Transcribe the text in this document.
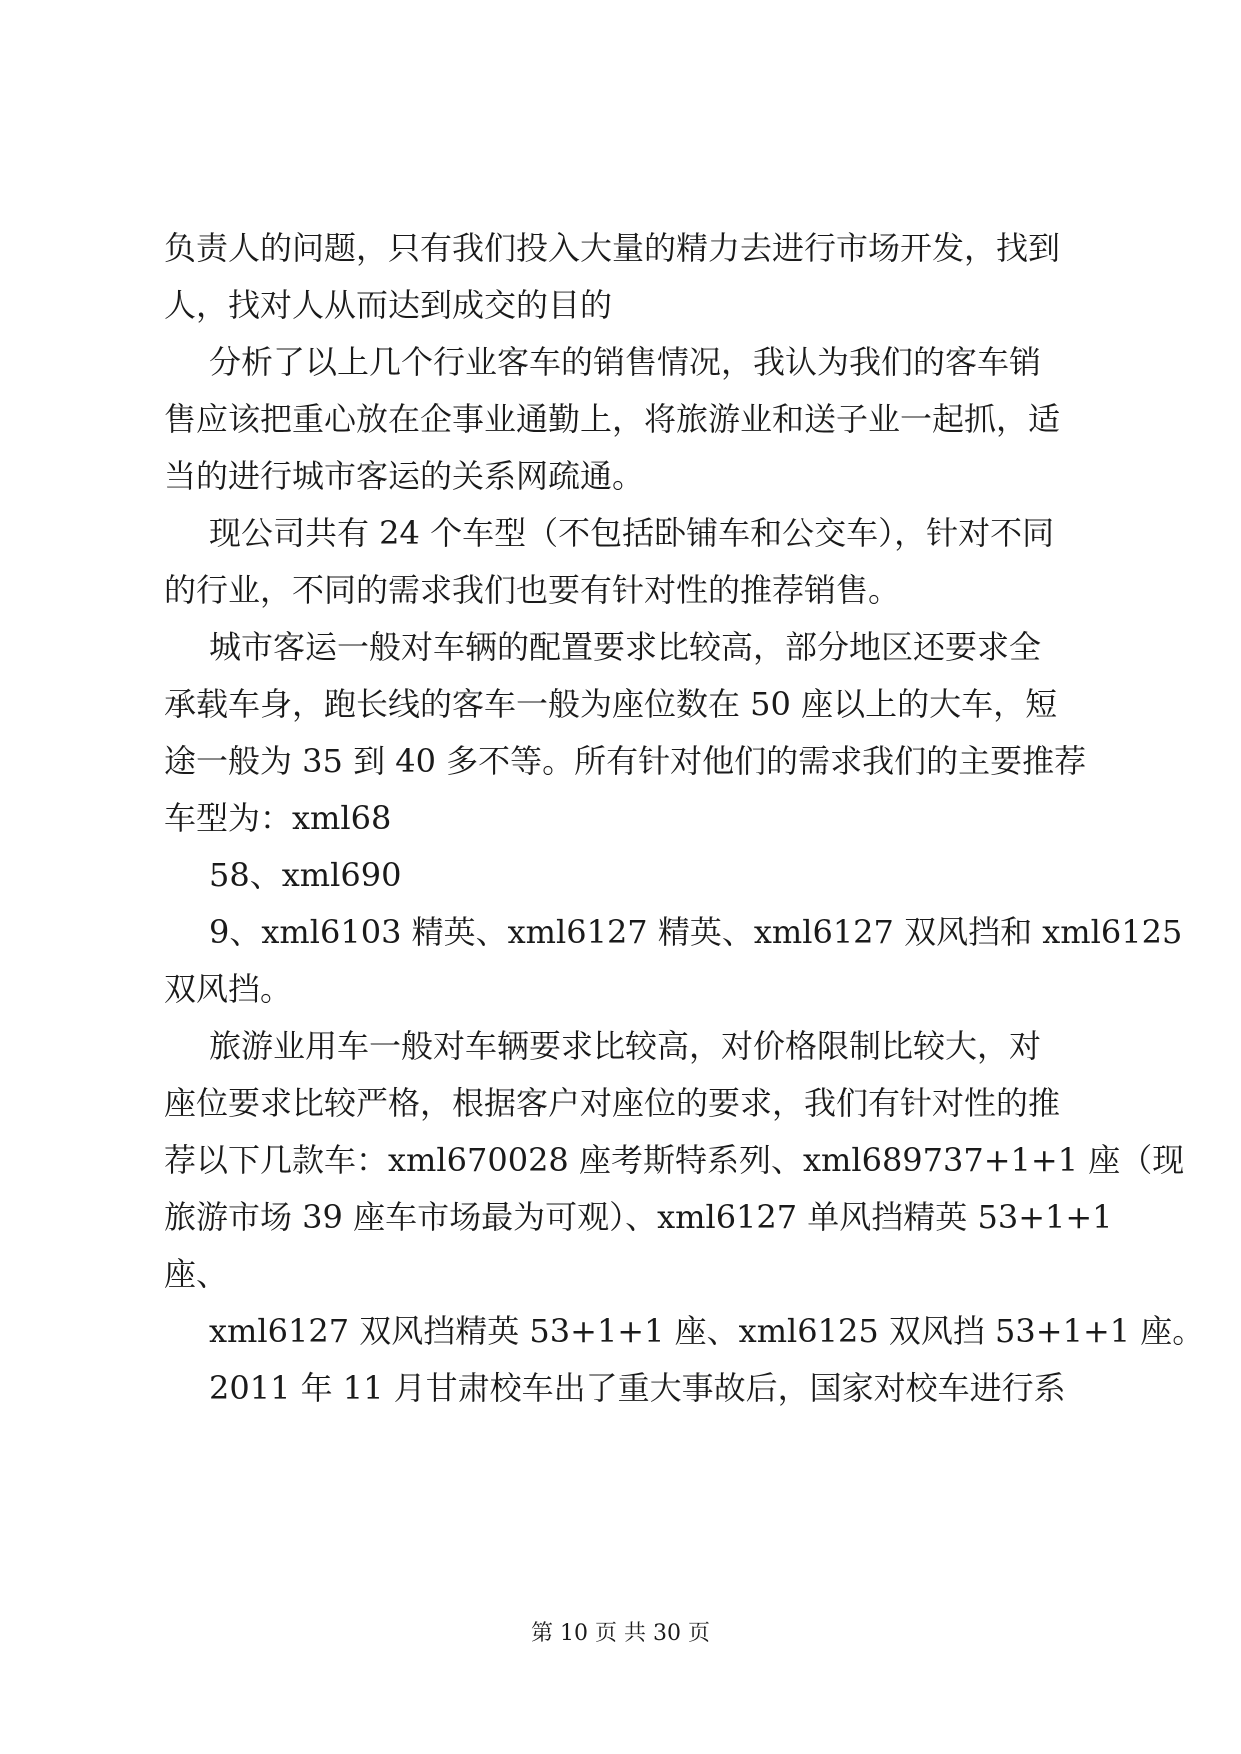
负责人的问题，只有我们投入大量的精力去进行市场开发，找到
人，找对人从而达到成交的目的
分析了以上几个行业客车的销售情况，我认为我们的客车销
售应该把重心放在企事业通勤上，将旅游业和送子业一起抓，适
当的进行城市客运的关系网疏通。
现公司共有 24 个车型（不包括卧铺车和公交车），针对不同
的行业，不同的需求我们也要有针对性的推荐销售。
城市客运一般对车辆的配置要求比较高，部分地区还要求全
承载车身，跑长线的客车一般为座位数在 50 座以上的大车，短
途一般为 35 到 40 多不等。所有针对他们的需求我们的主要推荐
车型为：xml68
58、xml690
9、xml6103 精英、xml6127 精英、xml6127 双风挡和 xml6125
双风挡。
旅游业用车一般对车辆要求比较高，对价格限制比较大，对
座位要求比较严格，根据客户对座位的要求，我们有针对性的推
荐以下几款车：xml670028 座考斯特系列、xml689737+1+1 座（现
旅游市场 39 座车市场最为可观）、xml6127 单风挡精英 53+1+1
座、
xml6127 双风挡精英 53+1+1 座、xml6125 双风挡 53+1+1 座。
2011 年 11 月甘肃校车出了重大事故后，国家对校车进行系
第 10 页 共 30 页
